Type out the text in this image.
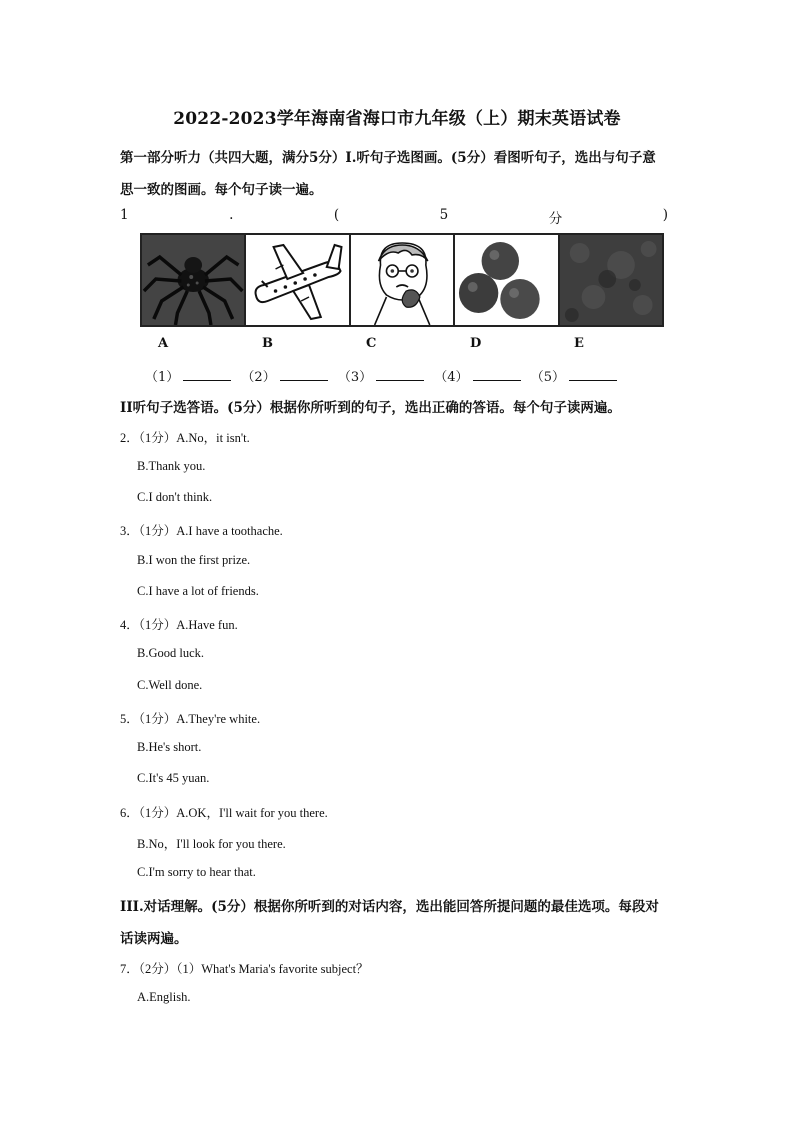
2022-2023学年海南省海口市九年级（上）期末英语试卷
第一部分听力（共四大题，满分5分）I.听句子选图画。(5分）看图听句子，选出与句子意
思一致的图画。每个句子读一遍。
1	.	(	5	分	)
A	B	C	D	E
（1）	（2）	（3）	（4）	（5）
II听句子选答语。(5分）根据你所听到的句子，选出正确的答语。每个句子读两遍。
2．（1分）A.No，it isn't.
B.Thank you.
C.I don't think.
3．（1分）A.I have a toothache.
B.I won the first prize.
C.I have a lot of friends.
4．（1分）A.Have fun.
B.Good luck.
C.Well done.
5．（1分）A.They're white.
B.He's short.
C.It's 45 yuan.
6．（1分）A.OK，I'll wait for you there.
B.No，I'll look for you there.
C.I'm sorry to hear that.
III.对话理解。(5分）根据你所听到的对话内容，选出能回答所提问题的最佳选项。每段对
话读两遍。
7．（2分）（1）What's Maria's favorite subject？
A.English.
